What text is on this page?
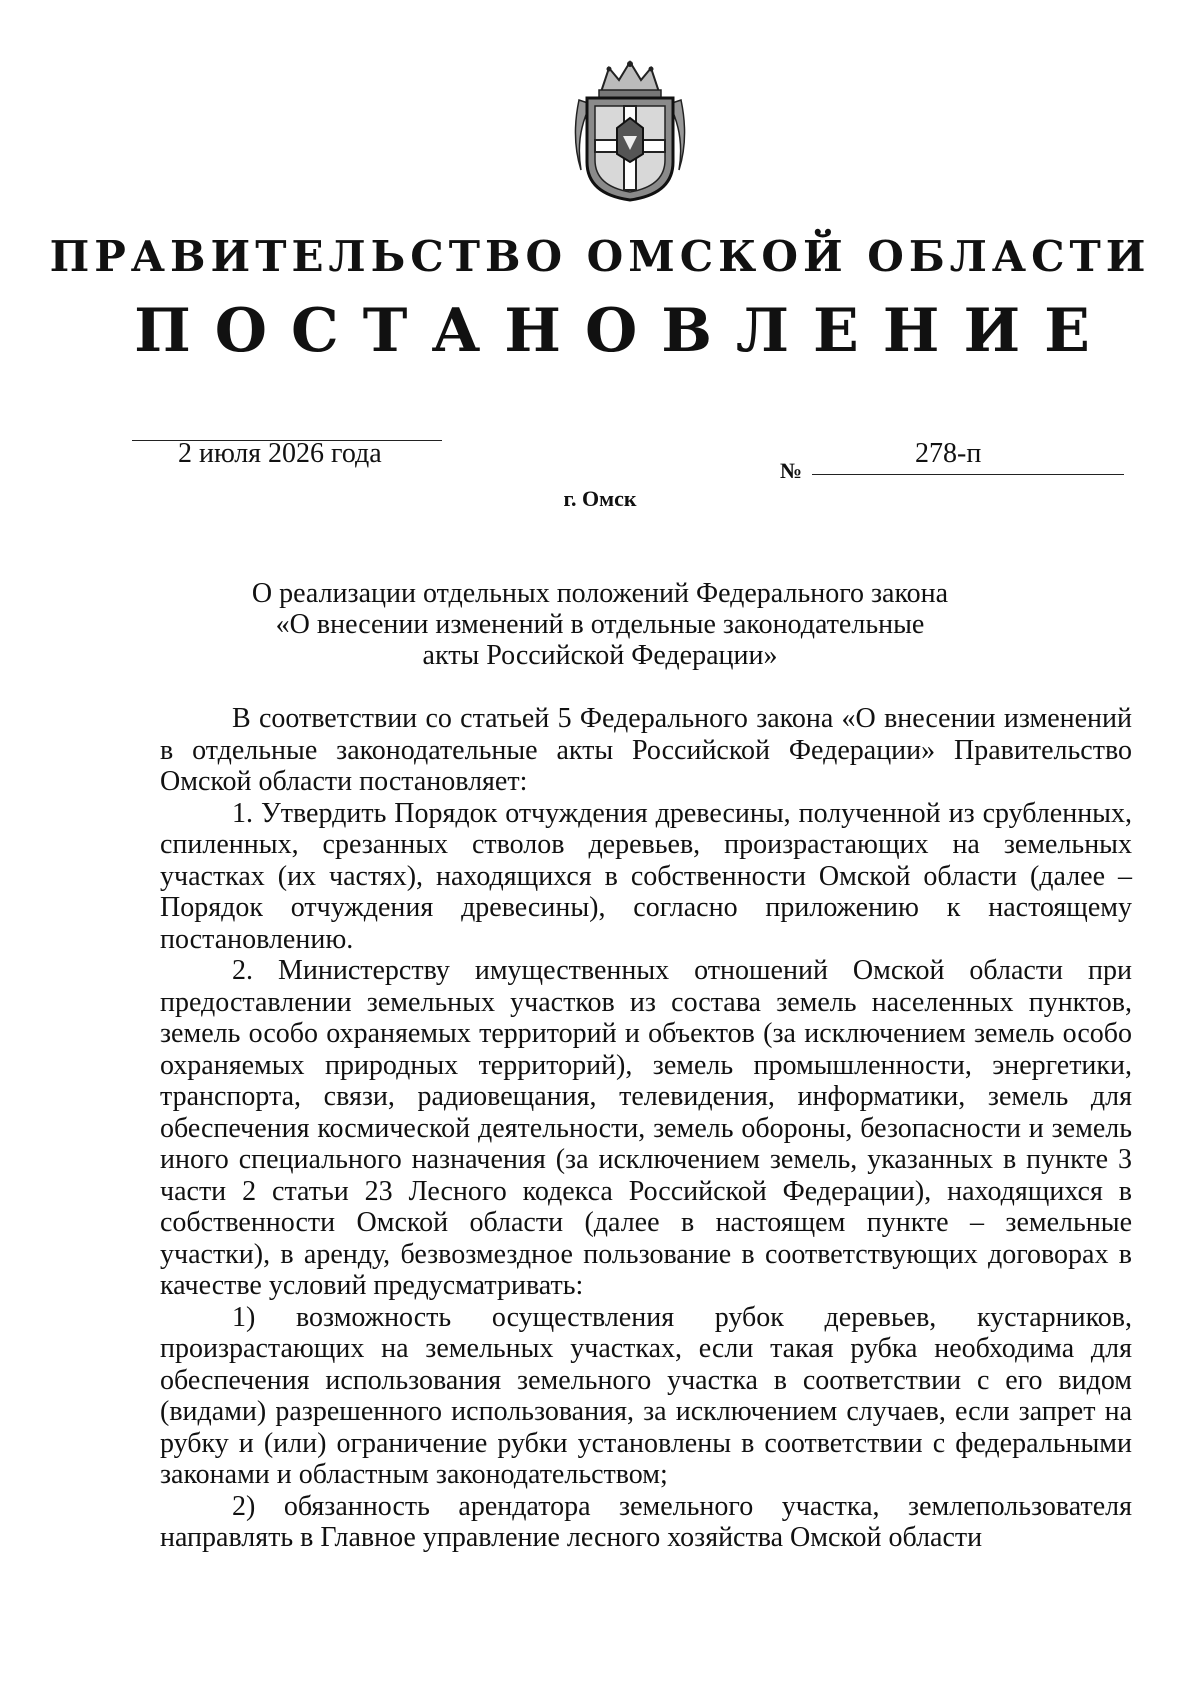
ПРАВИТЕЛЬСТВО ОМСКОЙ ОБЛАСТИ
ПОСТАНОВЛЕНИЕ
2 июля 2026 года
№
278-п
г. Омск
О реализации отдельных положений Федерального закона
«О внесении изменений в отдельные законодательные
акты Российской Федерации»

В соответствии со статьей 5 Федерального закона «О внесении изменений в отдельные законодательные акты Российской Федерации» Правительство Омской области постановляет:

1. Утвердить Порядок отчуждения древесины, полученной из срубленных, спиленных, срезанных стволов деревьев, произрастающих на земельных участках (их частях), находящихся в собственности Омской области (далее – Порядок отчуждения древесины), согласно приложению к настоящему постановлению.

2. Министерству имущественных отношений Омской области при предоставлении земельных участков из состава земель населенных пунктов, земель особо охраняемых территорий и объектов (за исключением земель особо охраняемых природных территорий), земель промышленности, энергетики, транспорта, связи, радиовещания, телевидения, информатики, земель для обеспечения космической деятельности, земель обороны, безопасности и земель иного специального назначения (за исключением земель, указанных в пункте 3 части 2 статьи 23 Лесного кодекса Российской Федерации), находящихся в собственности Омской области (далее в настоящем пункте – земельные участки), в аренду, безвозмездное пользование в соответствующих договорах в качестве условий предусматривать:

1) возможность осуществления рубок деревьев, кустарников, произрастающих на земельных участках, если такая рубка необходима для обеспечения использования земельного участка в соответствии с его видом (видами) разрешенного использования, за исключением случаев, если запрет на рубку и (или) ограничение рубки установлены в соответствии с федеральными законами и областным законодательством;

2) обязанность арендатора земельного участка, землепользователя направлять в Главное управление лесного хозяйства Омской области
